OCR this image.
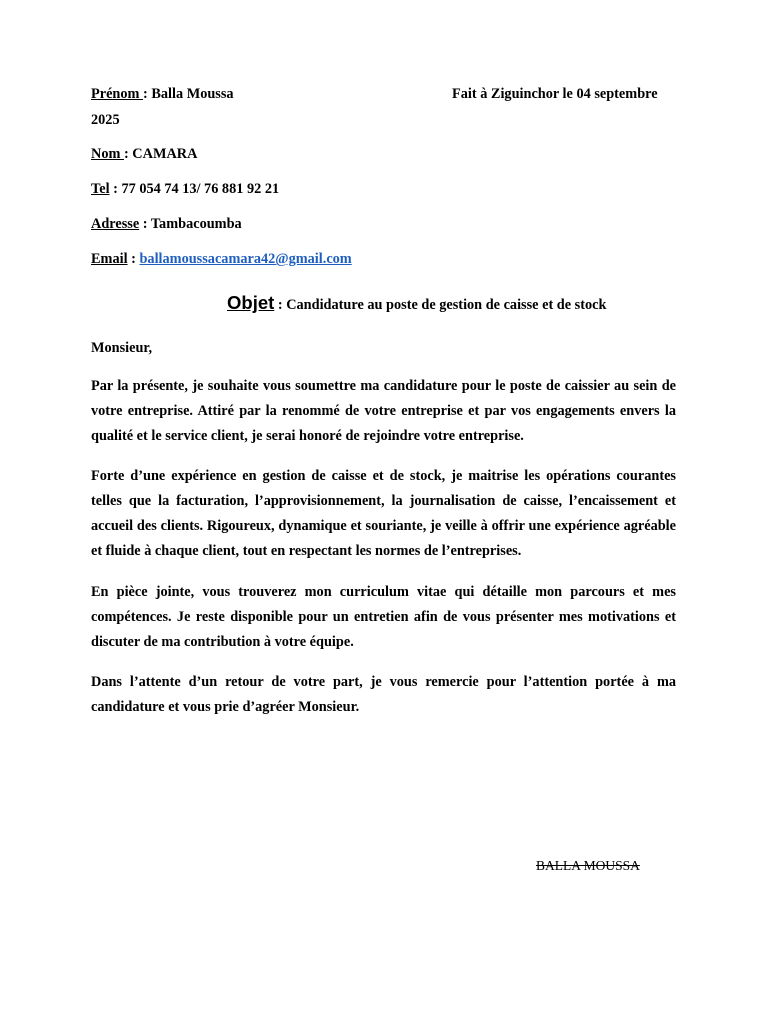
Prénom : Balla Moussa	Fait à Ziguinchor le 04 septembre
2025
Nom : CAMARA
Tel : 77 054 74 13/ 76 881 92 21
Adresse : Tambacoumba
Email : ballamoussacamara42@gmail.com
Objet : Candidature au poste de gestion de caisse et de stock
Monsieur,

Par la présente, je souhaite vous soumettre ma candidature pour le poste de caissier au sein de votre entreprise. Attiré par la renommé de votre entreprise et par vos engagements envers la qualité et le service client, je serai honoré de rejoindre votre entreprise.

Forte d’une expérience en gestion de caisse et de stock, je maitrise les opérations courantes telles que la facturation, l’approvisionnement, la journalisation de caisse, l’encaissement et accueil des clients. Rigoureux, dynamique et souriante, je veille à offrir une expérience agréable et fluide à chaque client, tout en respectant les normes de l’entreprises.

En pièce jointe, vous trouverez mon curriculum vitae qui détaille mon parcours et mes compétences. Je reste disponible pour un entretien afin de vous présenter mes motivations et discuter de ma contribution à votre équipe.

Dans l’attente d’un retour de votre part, je vous remercie pour l’attention portée à ma candidature et vous prie d’agréer Monsieur.

BALLA MOUSSA
